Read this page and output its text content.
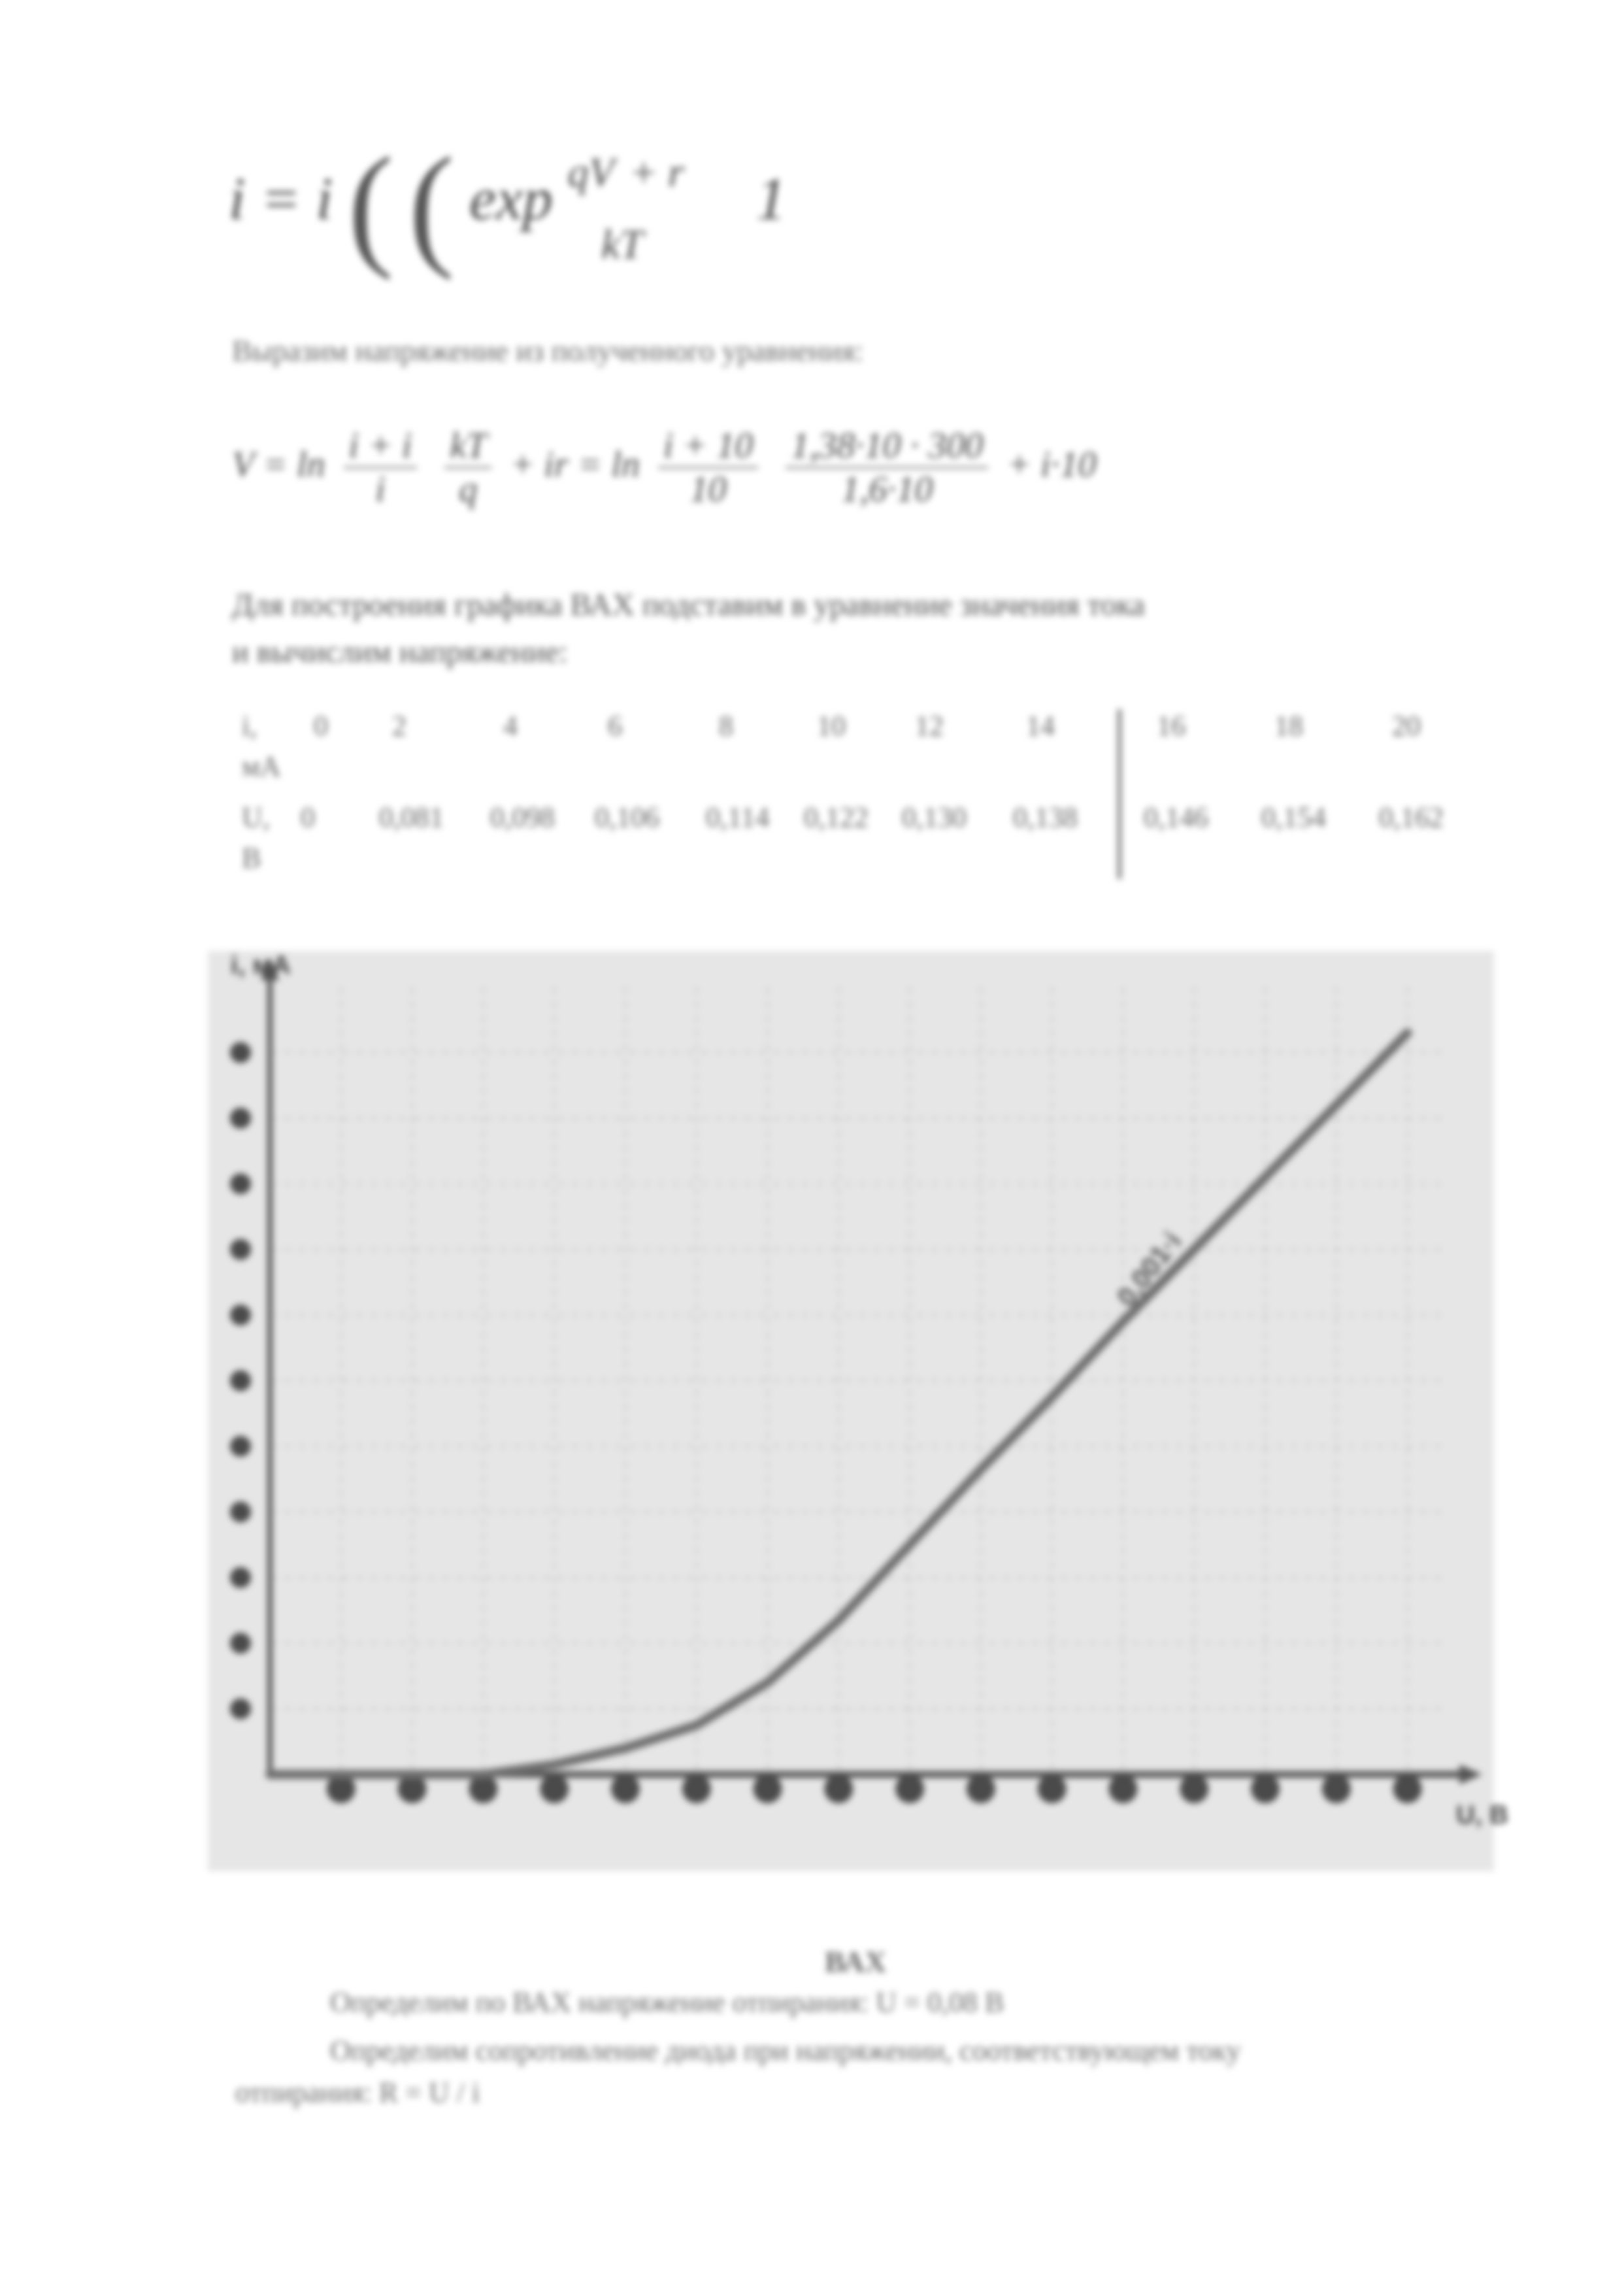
i = i ( ( exp $^{qV}$ $^{+ r}$ $_{kT}$ 1
Выразим напряжение из полученного уравнения:
$V = \ln \frac{i + i}{i}$
$\frac{kT}{q}$ + ir = $\ln \frac{i + 10}{10}$
$\frac{1,38\cdot 10 \cdot 300}{1,6\cdot 10} + i\cdot 10$
Для построения графика ВАХ подставим в уравнение значения тока
и вычислим напряжение:
i,
мА
0 2	4	6	8	10 12	14	16	18	20
U,
В
0 0,081 0,098 0,106 0,114 0,122 0,130 0,138 0,146 0,154 0,162
i, мА
U, В
0,001·i
ВАХ
Определим по ВАХ напряжение отпирания: U = 0,08 В
Определим сопротивление диода при напряжении, соответствующем току
отпирания: R = U / i
